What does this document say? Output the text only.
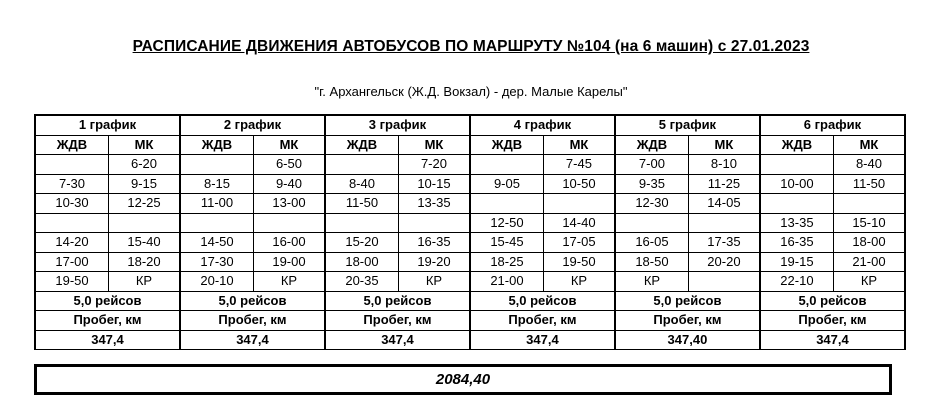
РАСПИСАНИЕ ДВИЖЕНИЯ АВТОБУСОВ ПО МАРШРУТУ №104 (на 6 машин) с 27.01.2023
"г. Архангельск (Ж.Д. Вокзал) - дер. Малые Карелы"
1 график		2 график		3 график		4 график		5 график		6 график	
ЖДВ	МК	ЖДВ	МК	ЖДВ	МК	ЖДВ	МК	ЖДВ	МК	ЖДВ	МК
	6-20		6-50		7-20		7-45	7-00	8-10		8-40
7-30	9-15	8-15	9-40	8-40	10-15	9-05	10-50	9-35	11-25	10-00	11-50
10-30	12-25	11-00	13-00	11-50	13-35			12-30	14-05		
						12-50	14-40			13-35	15-10
14-20	15-40	14-50	16-00	15-20	16-35	15-45	17-05	16-05	17-35	16-35	18-00
17-00	18-20	17-30	19-00	18-00	19-20	18-25	19-50	18-50	20-20	19-15	21-00
19-50	КР	20-10	КР	20-35	КР	21-00	КР	КР		22-10	КР
5,0 рейсов		5,0 рейсов		5,0 рейсов		5,0 рейсов		5,0 рейсов		5,0 рейсов	
Пробег, км		Пробег, км		Пробег, км		Пробег, км		Пробег, км		Пробег, км	
347,4		347,4		347,4		347,4		347,40		347,4	
2084,40
